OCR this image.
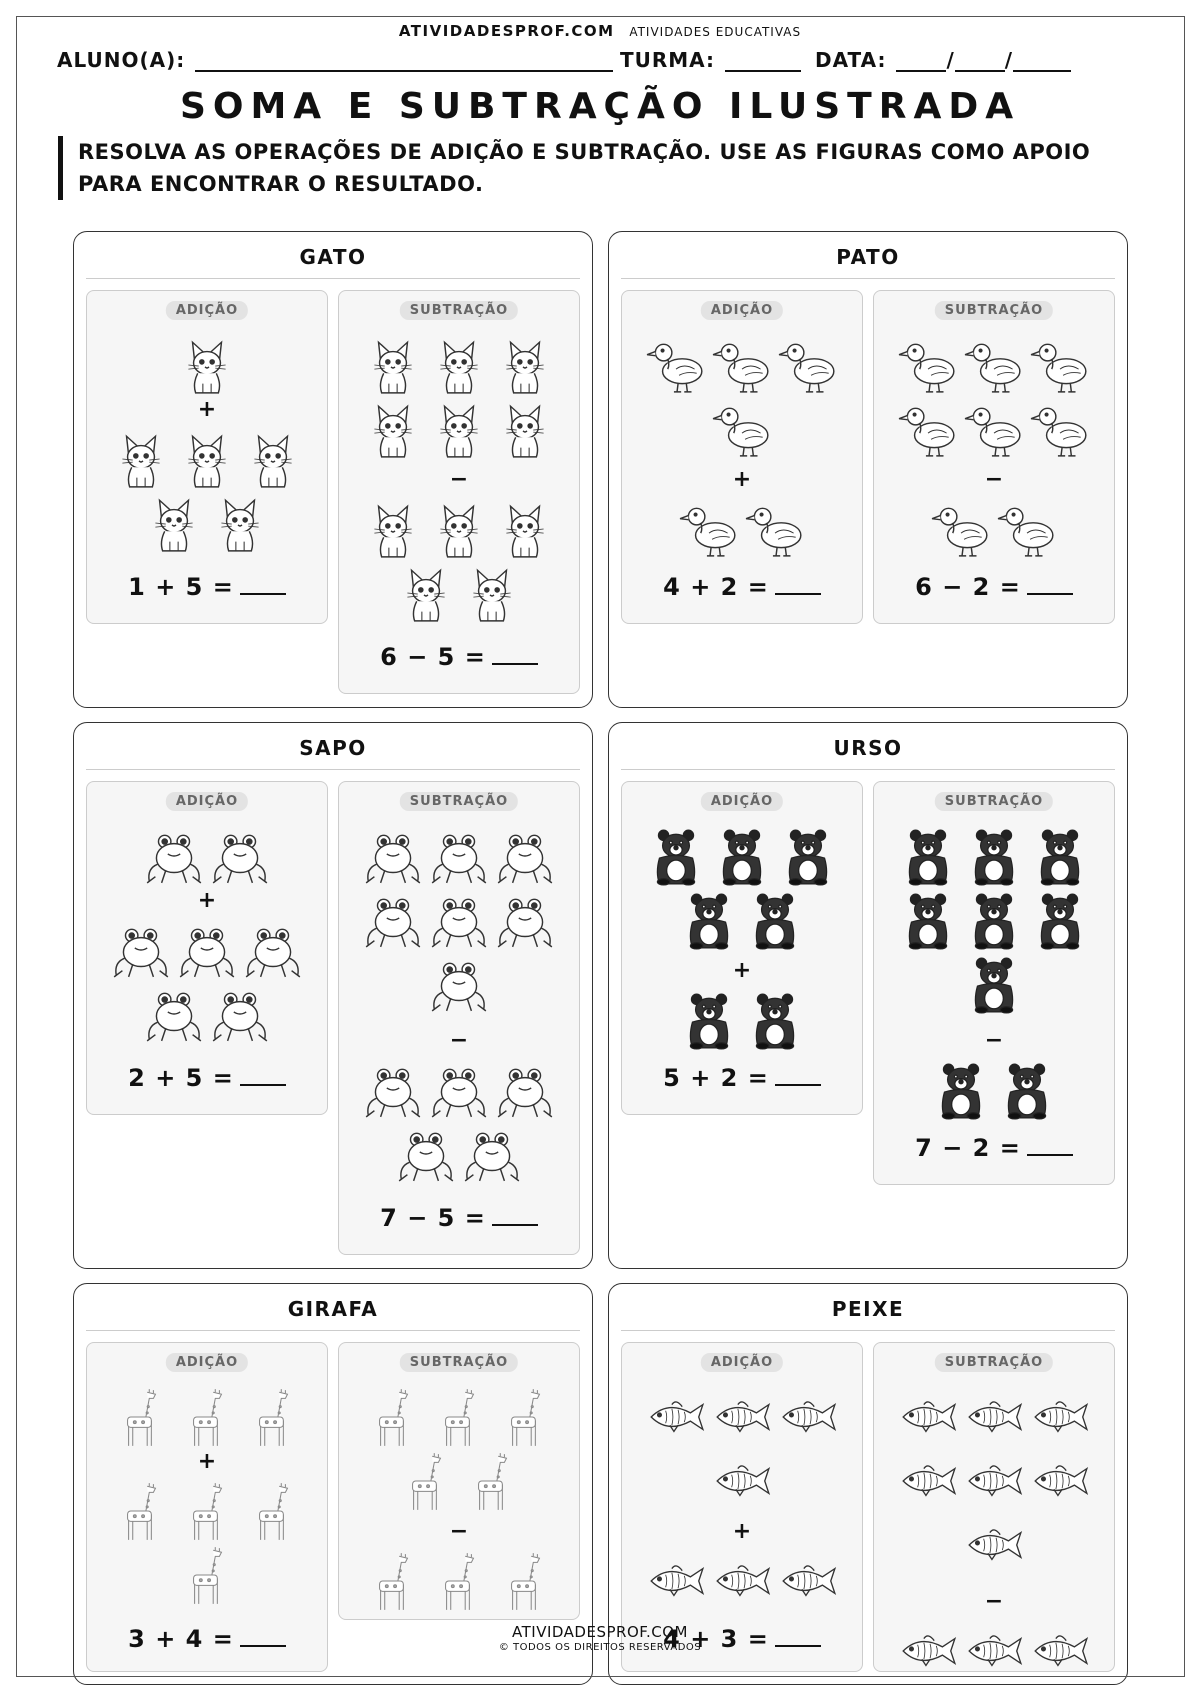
ATIVIDADESPROF.COM ATIVIDADES EDUCATIVAS
ALUNO(A):	TURMA:	DATA:	/	/
SOMA E SUBTRAÇÃO ILUSTRADA
RESOLVA AS OPERAÇÕES DE ADIÇÃO E SUBTRAÇÃO. USE AS FIGURAS COMO APOIO
PARA ENCONTRAR O RESULTADO.
GATO
ADIÇÃO
+
1 + 5 =
SUBTRAÇÃO
−
6 − 5 =
PATO
ADIÇÃO
+
4 + 2 =
SUBTRAÇÃO
−
6 − 2 =
SAPO
ADIÇÃO
+
2 + 5 =
SUBTRAÇÃO
−
7 − 5 =
URSO
ADIÇÃO
+
5 + 2 =
SUBTRAÇÃO
−
7 − 2 =
GIRAFA
ADIÇÃO
+
3 + 4 =
SUBTRAÇÃO
−
PEIXE
ADIÇÃO
+
4 + 3 =
SUBTRAÇÃO
−
ATIVIDADESPROF.COM
© TODOS OS DIREITOS RESERVADOS
